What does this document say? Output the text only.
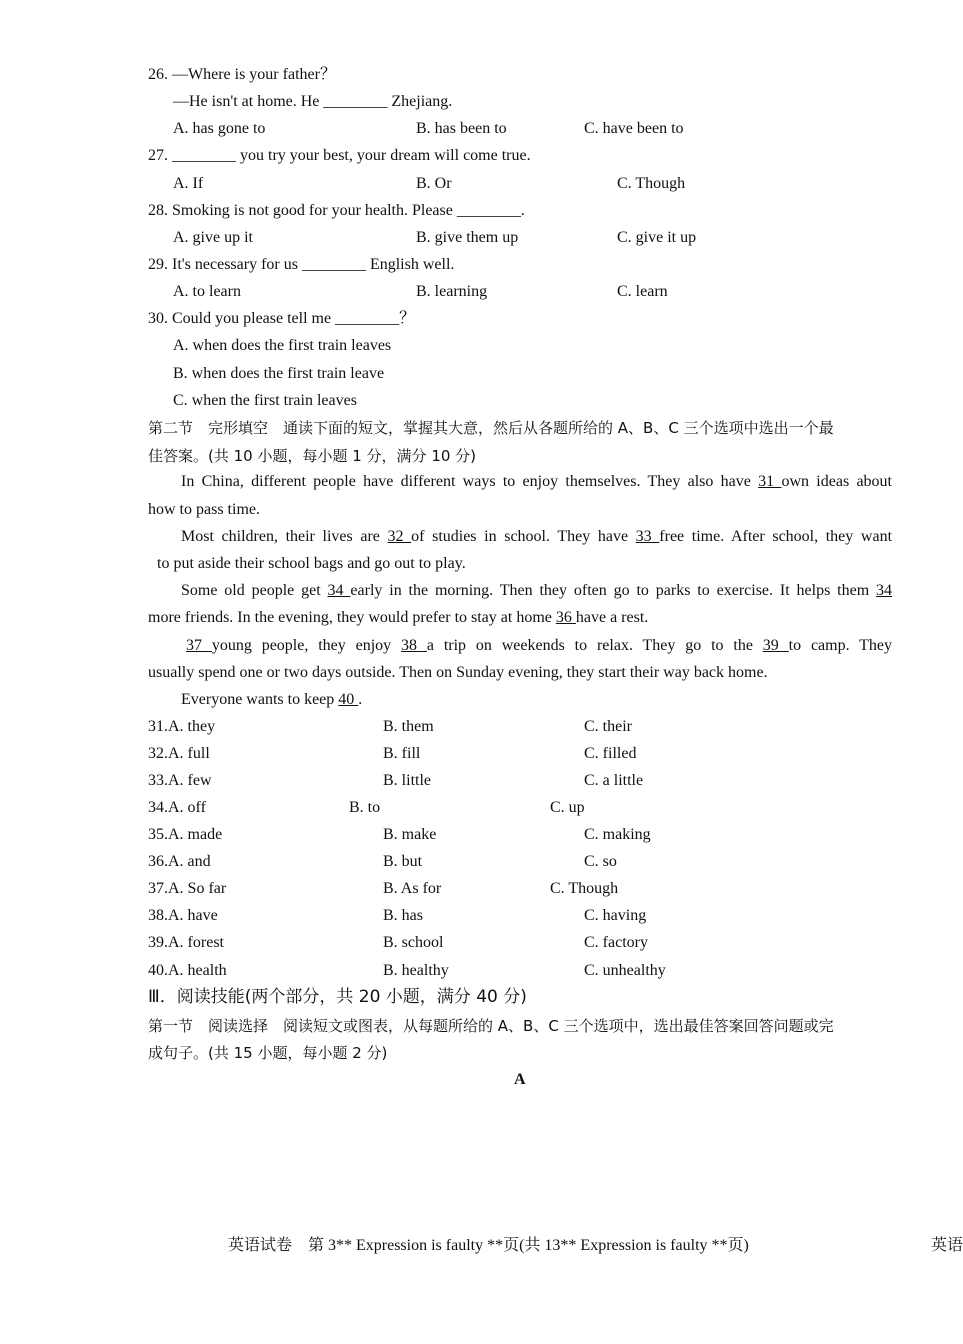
26. —Where is your father？
—He isn't at home. He ________ Zhejiang.
A. has gone to	B. has been to	C. have been to
27. ________ you try your best, your dream will come true.
A. If	B. Or	C. Though
28. Smoking is not good for your health. Please ________.
A. give up it	B. give them up	C. give it up
29. It's necessary for us ________ English well.
A. to learn	B. learning	C. learn
30. Could you please tell me ________？
A. when does the first train leaves
B. when does the first train leave
C. when the first train leaves
第二节　完形填空　通读下面的短文，掌握其大意，然后从各题所给的 A、B、C 三个选项中选出一个最
佳答案。(共 10 小题，每小题 1 分，满分 10 分)
In China, different people have different ways to enjoy themselves. They also have 31 own ideas about
how to pass time.
Most children, their lives are 32 of studies in school. They have 33 free time. After school, they want
to put aside their school bags and go out to play.
Some old people get 34 early in the morning. Then they often go to parks to exercise. It helps them 34
more friends. In the evening, they would prefer to stay at home 36 have a rest.
37 young people, they enjoy 38 a trip on weekends to relax. They go to the 39 to camp. They
usually spend one or two days outside. Then on Sunday evening, they start their way back home.
Everyone wants to keep 40 .
31.A. they	B. them	C. their
32.A. full	B. fill	C. filled
33.A. few	B. little	C. a little
34.A. off	B. to	C. up
35.A. made	B. make	C. making
36.A. and	B. but	C. so
37.A. So far	B. As for	C. Though
38.A. have	B. has	C. having
39.A. forest	B. school	C. factory
40.A. health	B. healthy	C. unhealthy
Ⅲ．阅读技能(两个部分，共 20 小题，满分 40 分)
第一节　阅读选择　阅读短文或图表，从每题所给的 A、B、C 三个选项中，选出最佳答案回答问题或完
成句子。(共 15 小题，每小题 2 分)
A
英语试卷　第 3** Expression is faulty **页(共 13** Expression is faulty **页)	英语
